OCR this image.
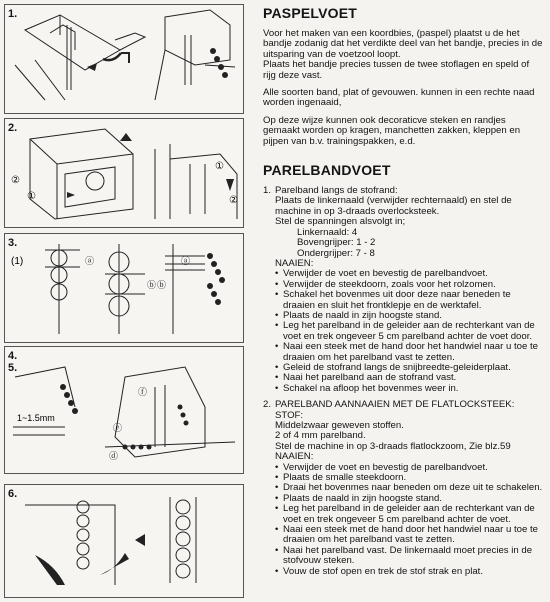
1.
2.
②
①
①
②
3.
(1)	ⓐ
ⓑ ⓑ
ⓐ
4.
5.
1~1.5mm
ⓕ
ⓔ
ⓓ
6.
PASPELVOET

Voor het maken van een koordbies, (paspel) plaatst u de het bandje zodanig dat het verdikte deel van het bandje, precies in de uitsparing van de voetzool loopt.

Plaats het bandje precies tussen de twee stoflagen en speld of rijg deze vast.

Alle soorten band, plat of gevouwen. kunnen in een rechte naad worden ingenaaid,

Op deze wijze kunnen ook decoraticve steken en randjes gemaakt worden op kragen, manchetten zakken, kleppen en pijpen van b.v. trainingspakken, e.d.

PARELBANDVOET
1. Parelband langs de stofrand:
Plaats de linkernaald (verwijder rechternaald) en stel de machine in op 3-draads overlocksteek.
Stel de spanningen alsvolgt in;
Linkernaald: 4
Bovengrijper: 1 - 2
Ondergrijper: 7 - 8
NAAIEN:
• Verwijder de voet en bevestig de parelbandvoet.
• Verwijder de steekdoorn, zoals voor het rolzomen.
• Schakel het bovenmes uit door deze naar beneden te draaien en sluit het frontklepje en de werktafel.
• Plaats de naald in zijn hoogste stand.
• Leg het parelband in de geleider aan de rechterkant van de voet en trek ongeveer 5 cm parelband achter de voet door.
• Naai een steek met de hand door het handwiel naar u toe te draaien om het parelband vast te zetten.
• Geleid de stofrand langs de snijbreedte-geleiderplaat.
• Naai het parelband aan de stofrand vast.
• Schakel na afloop het bovenmes weer in.
2. PARELBAND AANNAAIEN MET DE FLATLOCKSTEEK:
STOF:
Middelzwaar geweven stoffen.
2 of 4 mm parelband.
Stel de machine in op 3-draads flatlockzoom, Zie blz.59
NAAIEN:
• Verwijder de voet en bevestig de parelbandvoet.
• Plaats de smalle steekdoorn.
• Draai het bovenmes naar beneden om deze uit te schakelen.
• Plaats de naald in zijn hoogste stand.
• Leg het parelband in de geleider aan de rechterkant van de voet en trek ongeveer 5 cm parelband achter de voet.
• Naai een steek met de hand door het handwiel naar u toe te draaien om het parelband vast te zetten.
• Naai het parelband vast. De linkernaald moet precies in de stofvouw steken.
• Vouw de stof open en trek de stof strak en plat.
